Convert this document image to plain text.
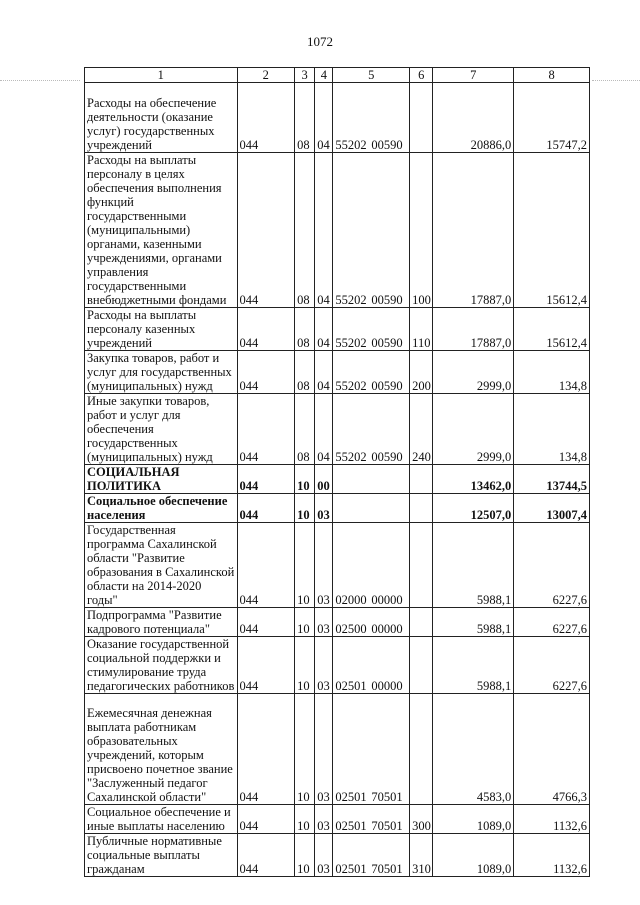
1072
1	2	3	4	5	6	7	8
Расходы на обеспечение деятельности (оказание услуг) государственных учреждений	044	08	04	55202 00590		20886,0	15747,2
Расходы на выплаты персоналу в целях обеспечения выполнения функций государственными (муниципальными) органами, казенными учреждениями, органами управления государственными внебюджетными фондами	044	08	04	55202 00590	100	17887,0	15612,4
Расходы на выплаты персоналу казенных учреждений	044	08	04	55202 00590	110	17887,0	15612,4
Закупка товаров, работ и услуг для государственных (муниципальных) нужд	044	08	04	55202 00590	200	2999,0	134,8
Иные закупки товаров, работ и услуг для обеспечения государственных (муниципальных) нужд	044	08	04	55202 00590	240	2999,0	134,8
СОЦИАЛЬНАЯ ПОЛИТИКА	044	10	00			13462,0	13744,5
Социальное обеспечение населения	044	10	03			12507,0	13007,4
Государственная программа Сахалинской области "Развитие образования в Сахалинской области на 2014-2020 годы"	044	10	03	02000 00000		5988,1	6227,6
Подпрограмма "Развитие кадрового потенциала"	044	10	03	02500 00000		5988,1	6227,6
Оказание государственной социальной поддержки и стимулирование труда педагогических работников	044	10	03	02501 00000		5988,1	6227,6
Ежемесячная денежная выплата работникам образовательных учреждений, которым присвоено почетное звание "Заслуженный педагог Сахалинской области"	044	10	03	02501 70501		4583,0	4766,3
Социальное обеспечение и иные выплаты населению	044	10	03	02501 70501	300	1089,0	1132,6
Публичные нормативные социальные выплаты гражданам	044	10	03	02501 70501	310	1089,0	1132,6
